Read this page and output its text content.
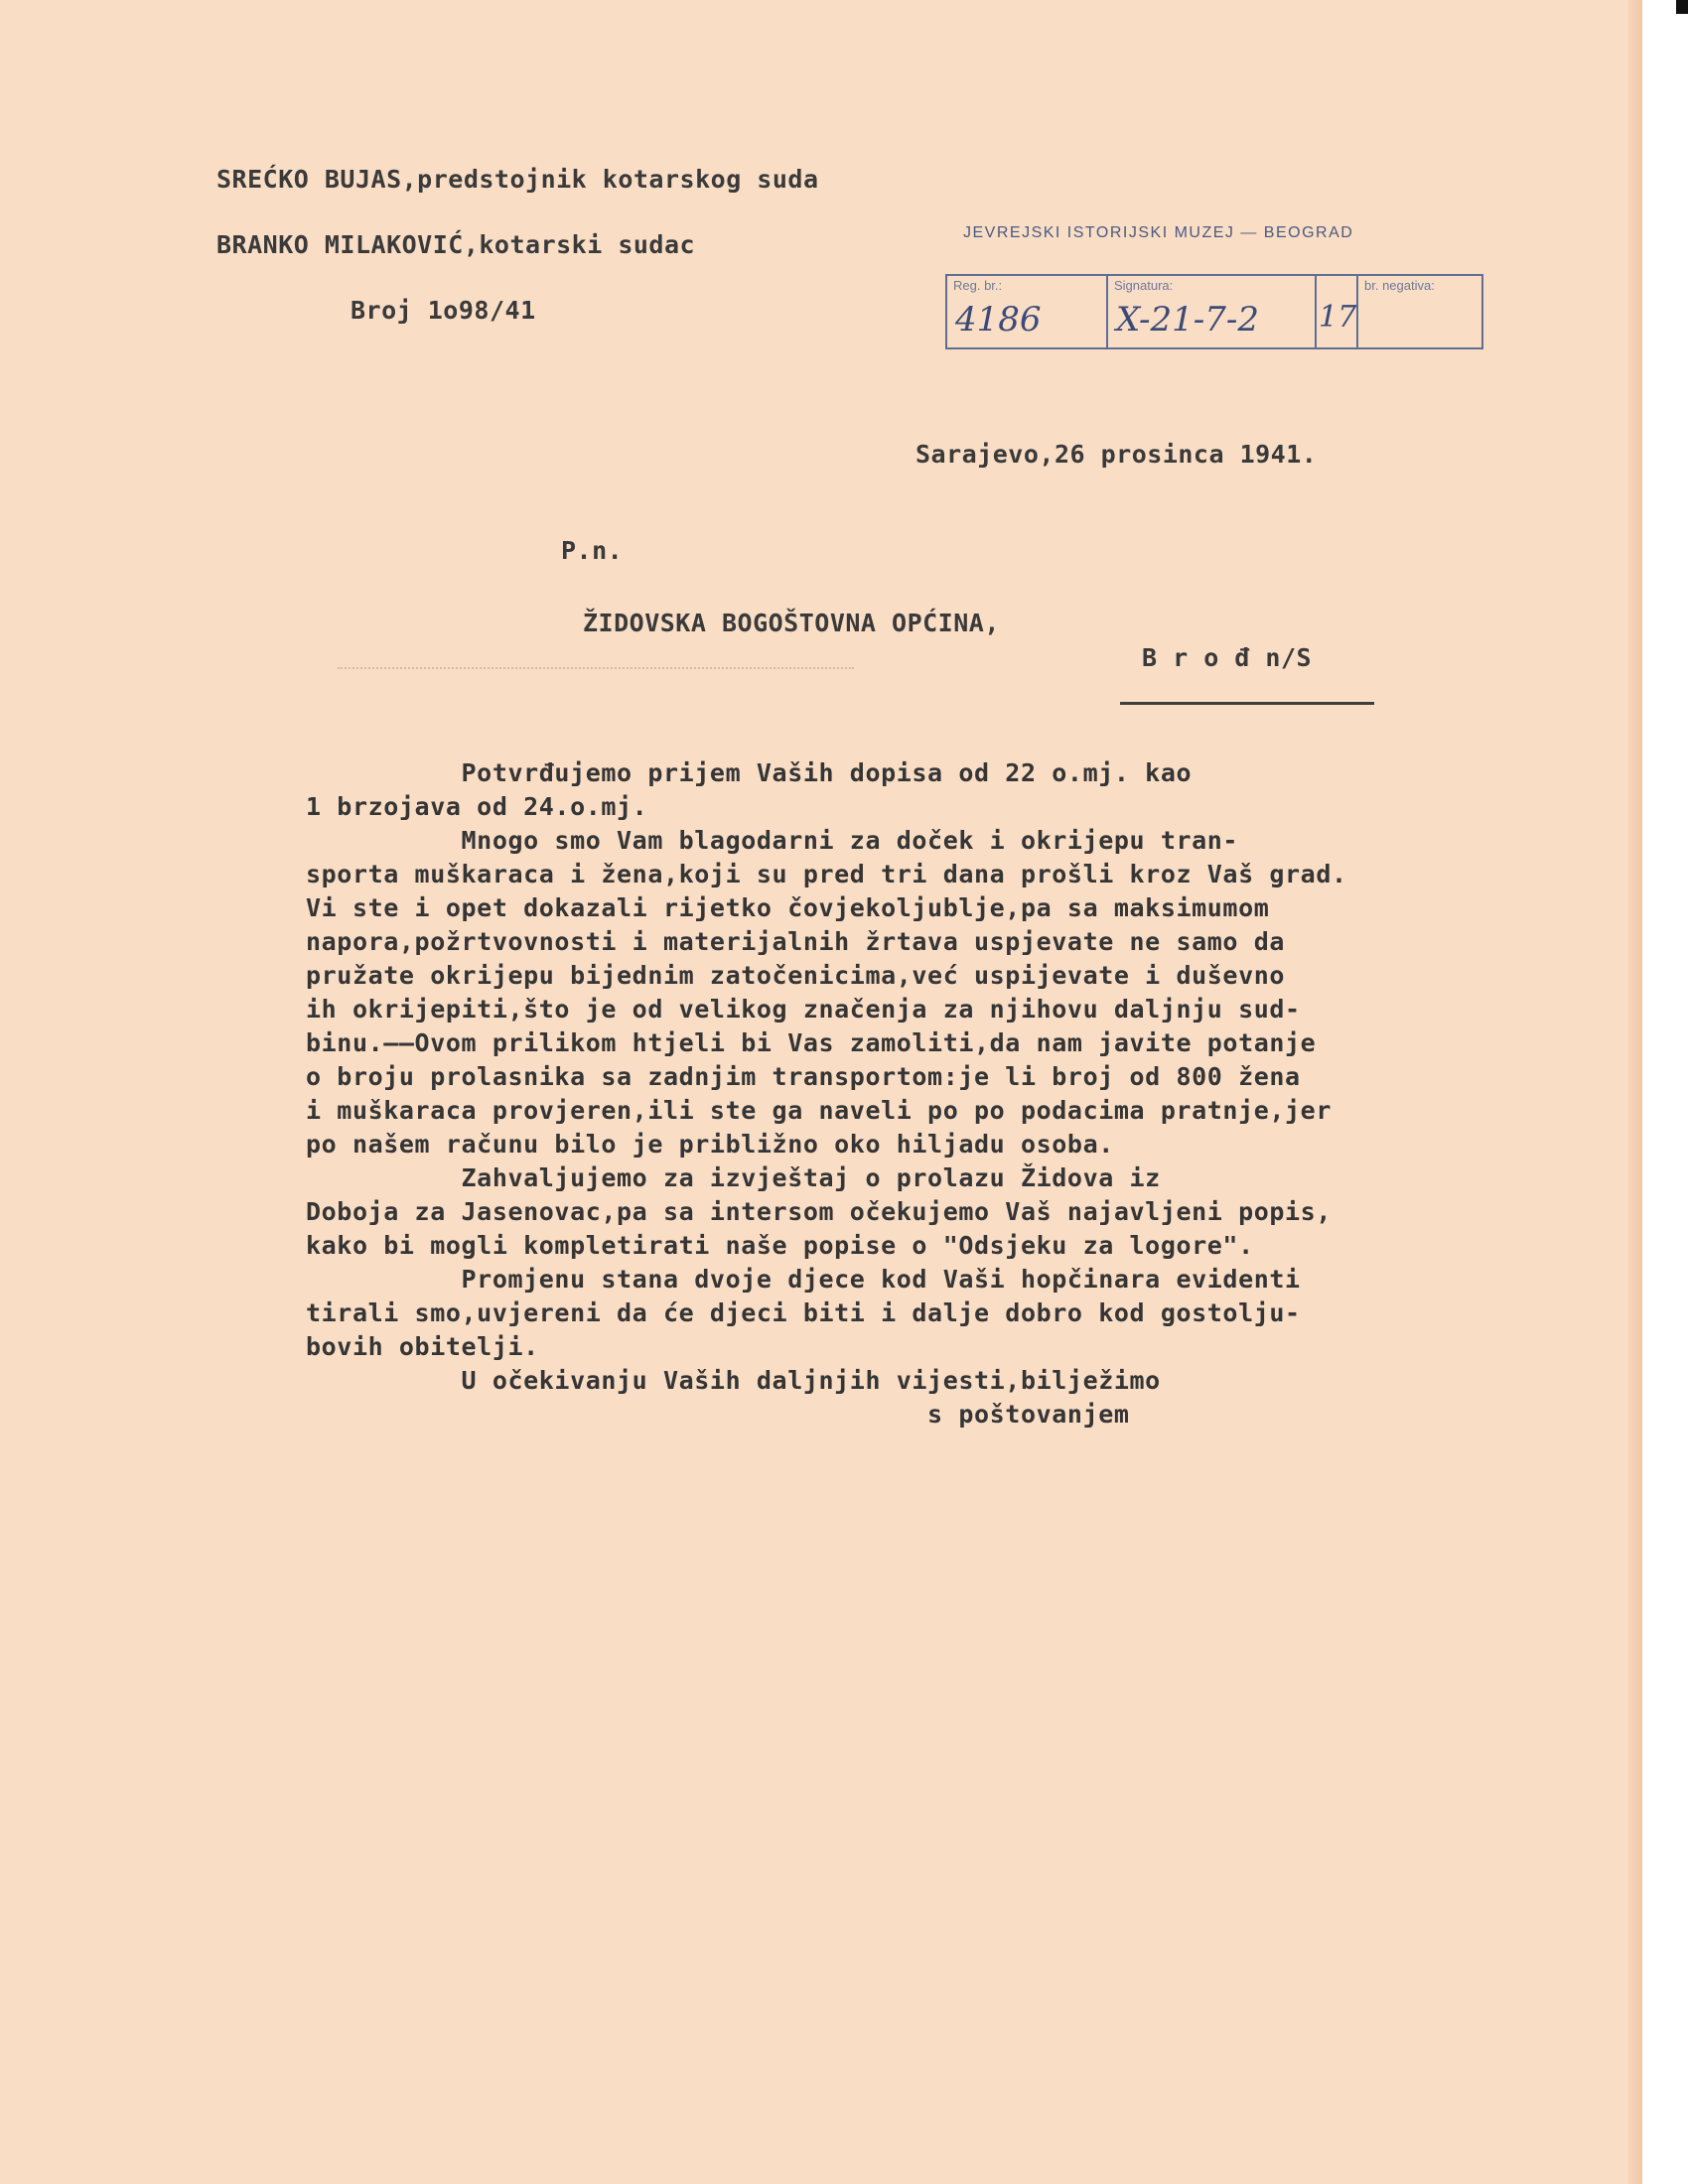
SREĆKO BUJAS,predstojnik kotarskog suda
BRANKO MILAKOVIĆ,kotarski sudac
Broj 1o98/41
JEVREJSKI ISTORIJSKI MUZEJ — BEOGRAD
Reg. br.:
4186
Signatura:
X-21-7-2 17
br. negativa:
Sarajevo,26 prosinca 1941.
P.n.
ŽIDOVSKA BOGOŠTOVNA OPĆINA,
B r o đ n/S
Potvrđujemo prijem Vaših dopisa od 22 o.mj. kao
1 brzojava od 24.o.mj.
Mnogo smo Vam blagodarni za doček i okrijepu tran-
sporta muškaraca i žena,koji su pred tri dana prošli kroz Vaš grad.
Vi ste i opet dokazali rijetko čovjekoljublje,pa sa maksimumom
napora,požrtvovnosti i materijalnih žrtava uspjevate ne samo da
pružate okrijepu bijednim zatočenicima,već uspijevate i duševno
ih okrijepiti,što je od velikog značenja za njihovu daljnju sud-
binu.——Ovom prilikom htjeli bi Vas zamoliti,da nam javite potanje
o broju prolasnika sa zadnjim transportom:je li broj od 800 žena
i muškaraca provjeren,ili ste ga naveli po po podacima pratnje,jer
po našem računu bilo je približno oko hiljadu osoba.
Zahvaljujemo za izvještaj o prolazu Židova iz
Doboja za Jasenovac,pa sa intersom očekujemo Vaš najavljeni popis,
kako bi mogli kompletirati naše popise o "Odsjeku za logore".
Promjenu stana dvoje djece kod Vaši hopčinara evidenti
tirali smo,uvjereni da će djeci biti i dalje dobro kod gostolju-
bovih obitelji.
U očekivanju Vaših daljnjih vijesti,bilježimo
s poštovanjem
